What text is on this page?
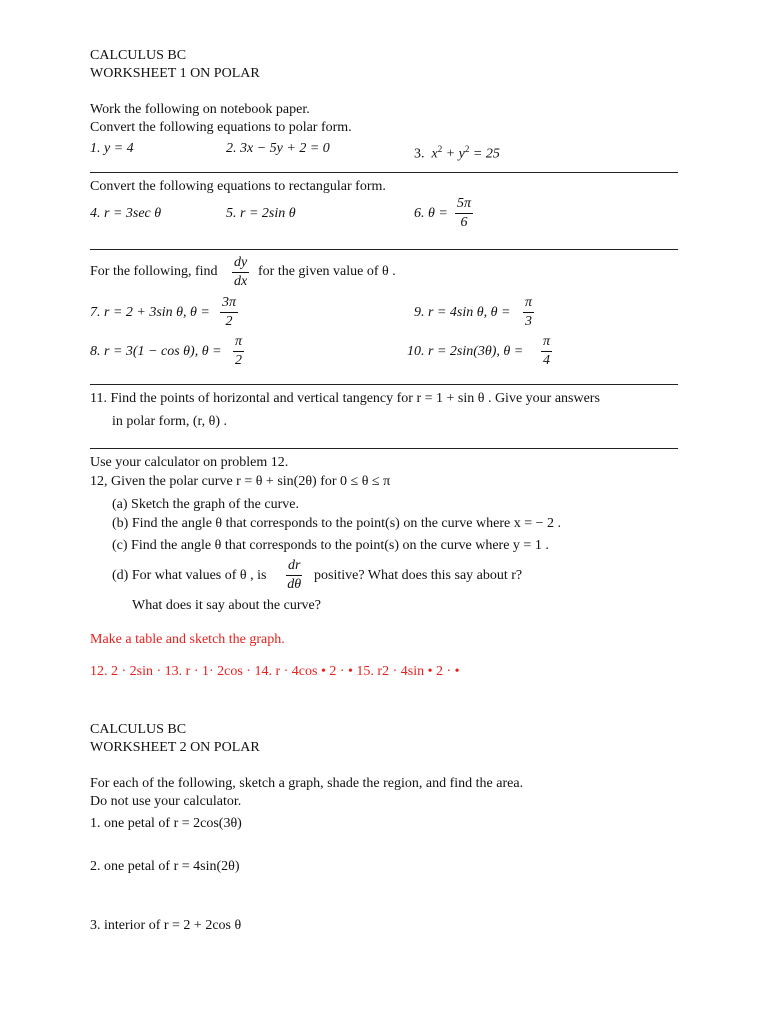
CALCULUS BC
WORKSHEET 1 ON POLAR
Work the following on notebook paper.
Convert the following equations to polar form.
1. y = 4	2. 3x − 5y + 2 = 0	3.  $x^2 + y^2 = 25$
Convert the following equations to rectangular form.
4. r = 3sec θ	5. r = 2sin θ	6. $\theta = \frac{5\pi}{6}$
For the following, find $\frac{dy}{dx}$ for the given value of θ .
7. r = 2 + 3sin θ, $\theta = \frac{3\pi}{2}$	9. r = 4sin θ, $\theta = \frac{\pi}{3}$
8. r = 3(1 − cos θ), $\theta = \frac{\pi}{2}$	10. r = 2sin(3θ), $\theta = \frac{\pi}{4}$
11. Find the points of horizontal and vertical tangency for r = 1 + sin θ . Give your answers
in polar form, (r, θ) .
Use your calculator on problem 12.
12, Given the polar curve r = θ + sin(2θ) for 0 ≤ θ ≤ π
(a) Sketch the graph of the curve.
(b) Find the angle θ that corresponds to the point(s) on the curve where x = − 2 .
(c) Find the angle θ that corresponds to the point(s) on the curve where y = 1 .
(d) For what values of θ , is $\frac{dr}{d\theta}$ positive? What does this say about r?
What does it say about the curve?
Make a table and sketch the graph.
12. 2 · 2sin · 13. r · 1· 2cos · 14. r · 4cos • 2 · • 15. r2 · 4sin • 2 · •
CALCULUS BC
WORKSHEET 2 ON POLAR
For each of the following, sketch a graph, shade the region, and find the area.
Do not use your calculator.
1. one petal of r = 2cos(3θ)
2. one petal of r = 4sin(2θ)
3. interior of r = 2 + 2cos θ
